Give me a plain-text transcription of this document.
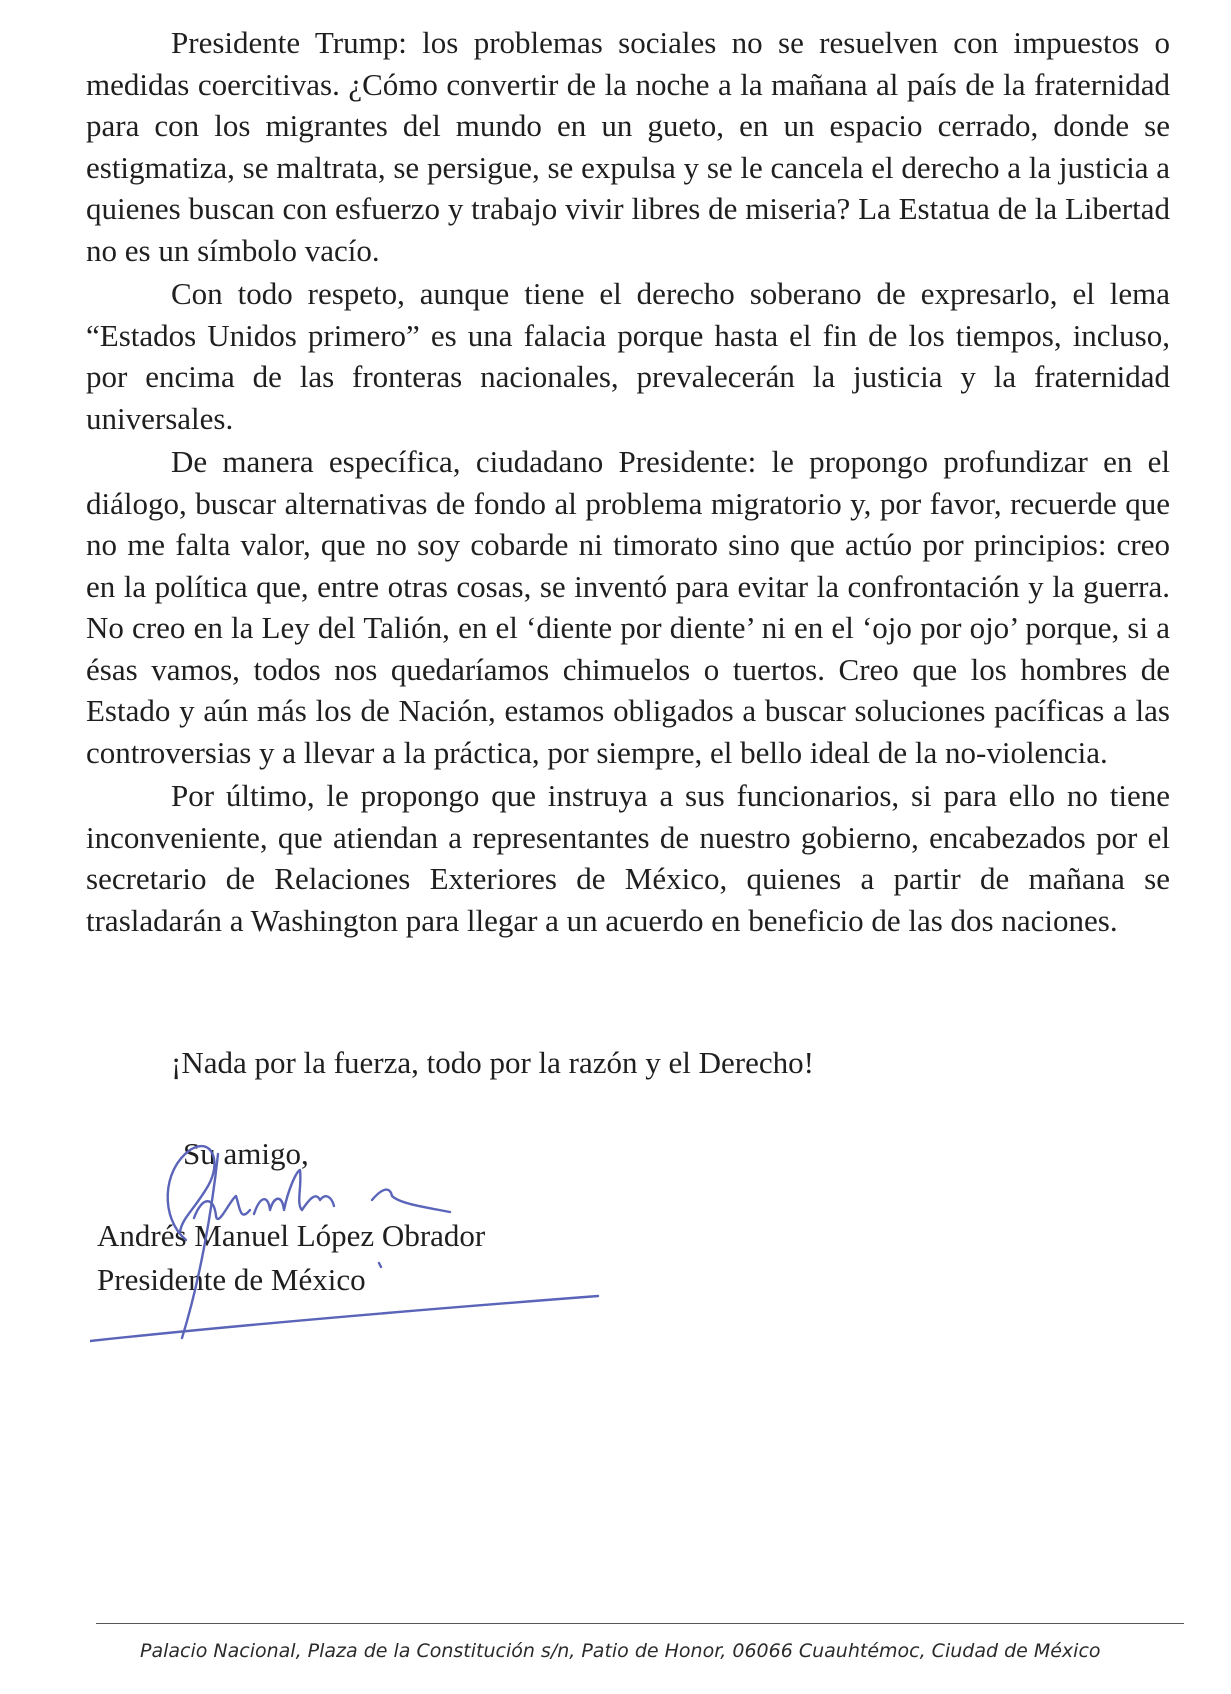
Presidente Trump: los problemas sociales no se resuelven con impuestos o medidas coercitivas. ¿Cómo convertir de la noche a la mañana al país de la fraternidad para con los migrantes del mundo en un gueto, en un espacio cerrado, donde se estigmatiza, se maltrata, se persigue, se expulsa y se le cancela el derecho a la justicia a quienes buscan con esfuerzo y trabajo vivir libres de miseria? La Estatua de la Libertad no es un símbolo vacío.

Con todo respeto, aunque tiene el derecho soberano de expresarlo, el lema “Estados Unidos primero” es una falacia porque hasta el fin de los tiempos, incluso, por encima de las fronteras nacionales, prevalecerán la justicia y la fraternidad universales.

De manera específica, ciudadano Presidente: le propongo profundizar en el diálogo, buscar alternativas de fondo al problema migratorio y, por favor, recuerde que no me falta valor, que no soy cobarde ni timorato sino que actúo por principios: creo en la política que, entre otras cosas, se inventó para evitar la confrontación y la guerra. No creo en la Ley del Talión, en el ‘diente por diente’ ni en el ‘ojo por ojo’ porque, si a ésas vamos, todos nos quedaríamos chimuelos o tuertos. Creo que los hombres de Estado y aún más los de Nación, estamos obligados a buscar soluciones pacíficas a las controversias y a llevar a la práctica, por siempre, el bello ideal de la no-violencia.

Por último, le propongo que instruya a sus funcionarios, si para ello no tiene inconveniente, que atiendan a representantes de nuestro gobierno, encabezados por el secretario de Relaciones Exteriores de México, quienes a partir de mañana se trasladarán a Washington para llegar a un acuerdo en beneficio de las dos naciones.

¡Nada por la fuerza, todo por la razón y el Derecho!
Su amigo,
Andrés Manuel López Obrador
Presidente de México
Palacio Nacional, Plaza de la Constitución s/n, Patio de Honor, 06066 Cuauhtémoc, Ciudad de México
